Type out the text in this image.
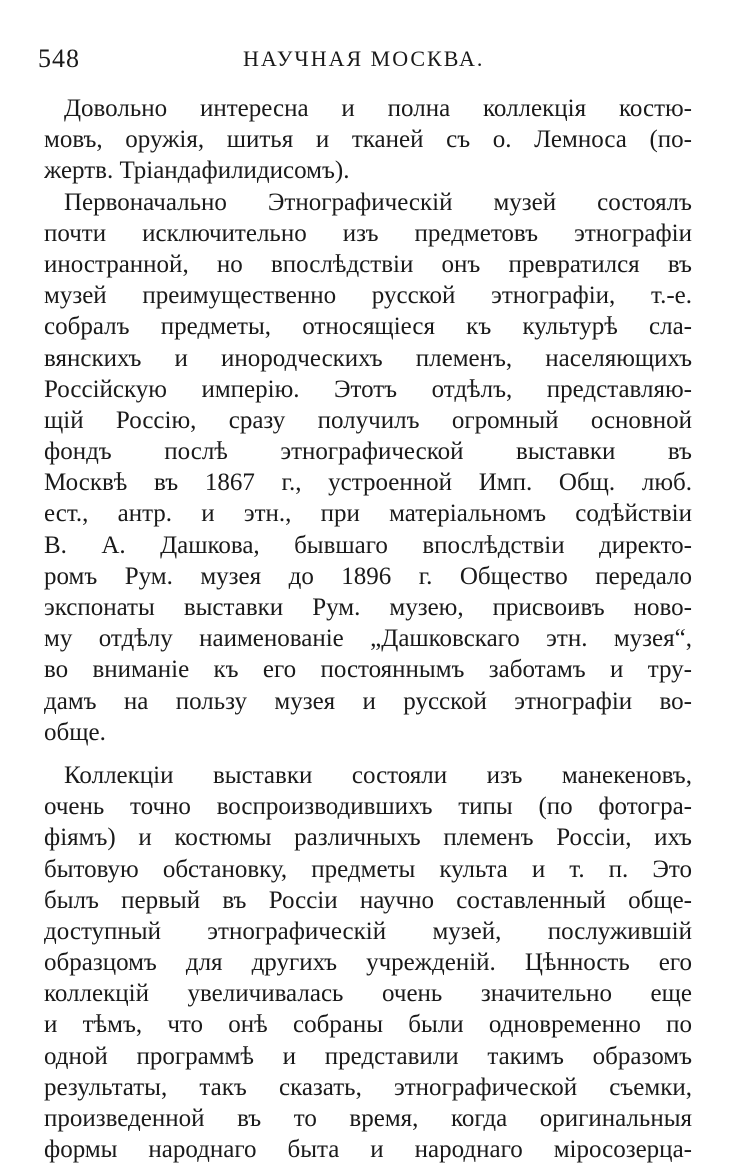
548	НАУЧНАЯ МОСКВА.
Довольно интересна и полна коллекція костю-
мовъ, оружія, шитья и тканей съ о. Лемноса (по-
жертв. Тріандафилидисомъ).
Первоначально Этнографическій музей состоялъ
почти исключительно изъ предметовъ этнографіи
иностранной, но впослѣдствіи онъ превратился въ
музей преимущественно русской этнографіи, т.-е.
собралъ предметы, относящіеся къ культурѣ сла-
вянскихъ и инородческихъ племенъ, населяющихъ
Россійскую имперію. Этотъ отдѣлъ, представляю-
щій Россію, сразу получилъ огромный основной
фондъ послѣ этнографической выставки въ
Москвѣ въ 1867 г., устроенной Имп. Общ. люб.
ест., антр. и этн., при матеріальномъ содѣйствіи
В. А. Дашкова, бывшаго впослѣдствіи директо-
ромъ Рум. музея до 1896 г. Общество передало
экспонаты выставки Рум. музею, присвоивъ ново-
му отдѣлу наименованіе „Дашковскаго этн. музея“,
во вниманіе къ его постояннымъ заботамъ и тру-
дамъ на пользу музея и русской этнографіи во-
обще.
Коллекціи выставки состояли изъ манекеновъ,
очень точно воспроизводившихъ типы (по фотогра-
фіямъ) и костюмы различныхъ племенъ Россіи, ихъ
бытовую обстановку, предметы культа и т. п. Это
былъ первый въ Россіи научно составленный обще-
доступный этнографическій музей, послужившій
образцомъ для другихъ учрежденій. Цѣнность его
коллекцій увеличивалась очень значительно еще
и тѣмъ, что онѣ собраны были одновременно по
одной программѣ и представили такимъ образомъ
результаты, такъ сказать, этнографической съемки,
произведенной въ то время, когда оригинальныя
формы народнаго быта и народнаго міросозерца-
